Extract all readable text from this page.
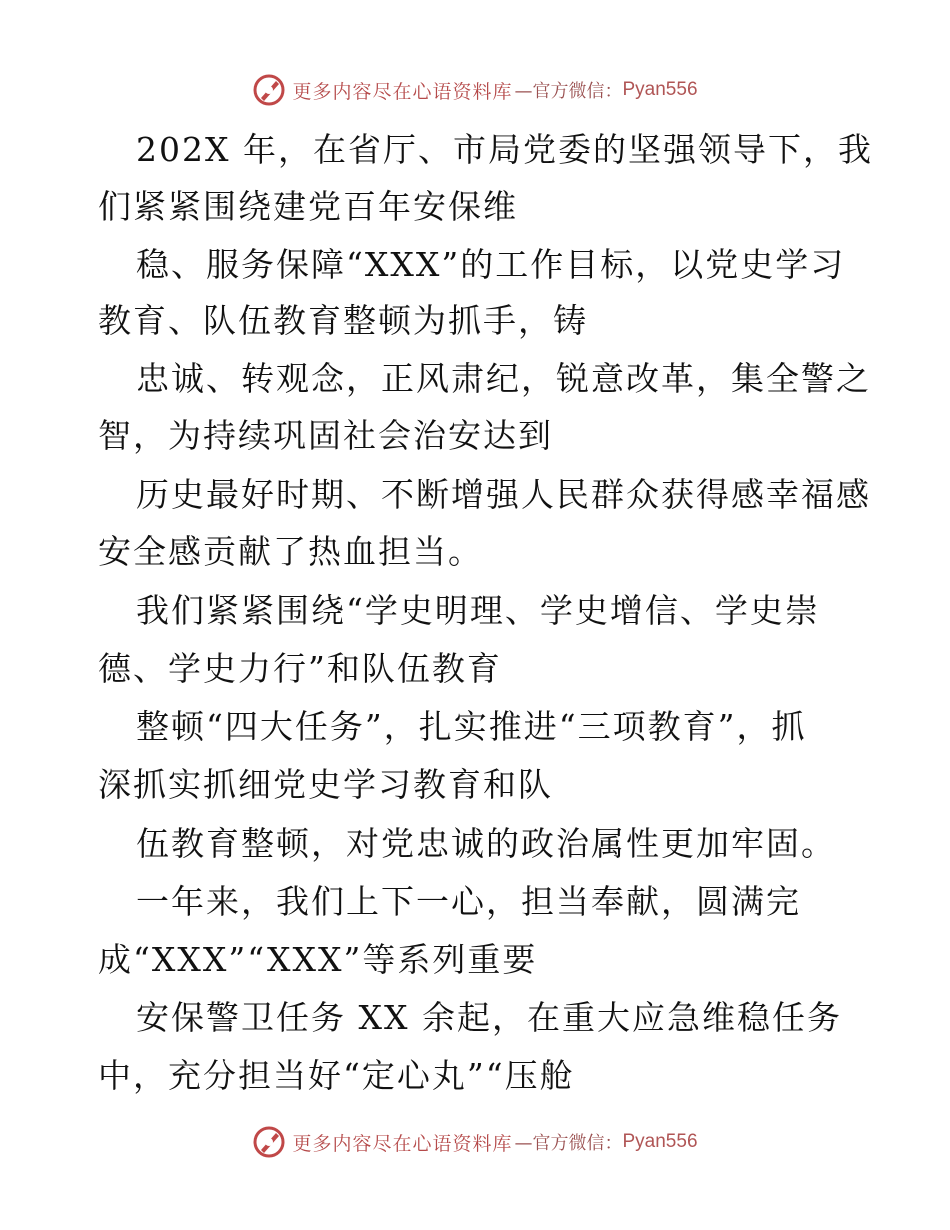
更多内容尽在心语资料库 —官方微信： Pyan556
202X 年，在省厅、市局党委的坚强领导下，我
们紧紧围绕建党百年安保维
稳、服务保障“XXX”的工作目标，以党史学习
教育、队伍教育整顿为抓手，铸
忠诚、转观念，正风肃纪，锐意改革，集全警之
智，为持续巩固社会治安达到
历史最好时期、不断增强人民群众获得感幸福感
安全感贡献了热血担当。
我们紧紧围绕“学史明理、学史增信、学史崇
德、学史力行”和队伍教育
整顿“四大任务”，扎实推进“三项教育”，抓
深抓实抓细党史学习教育和队
伍教育整顿，对党忠诚的政治属性更加牢固。
一年来，我们上下一心，担当奉献，圆满完
成“XXX”“XXX”等系列重要
安保警卫任务 XX 余起，在重大应急维稳任务
中，充分担当好“定心丸”“压舱
更多内容尽在心语资料库 —官方微信： Pyan556
